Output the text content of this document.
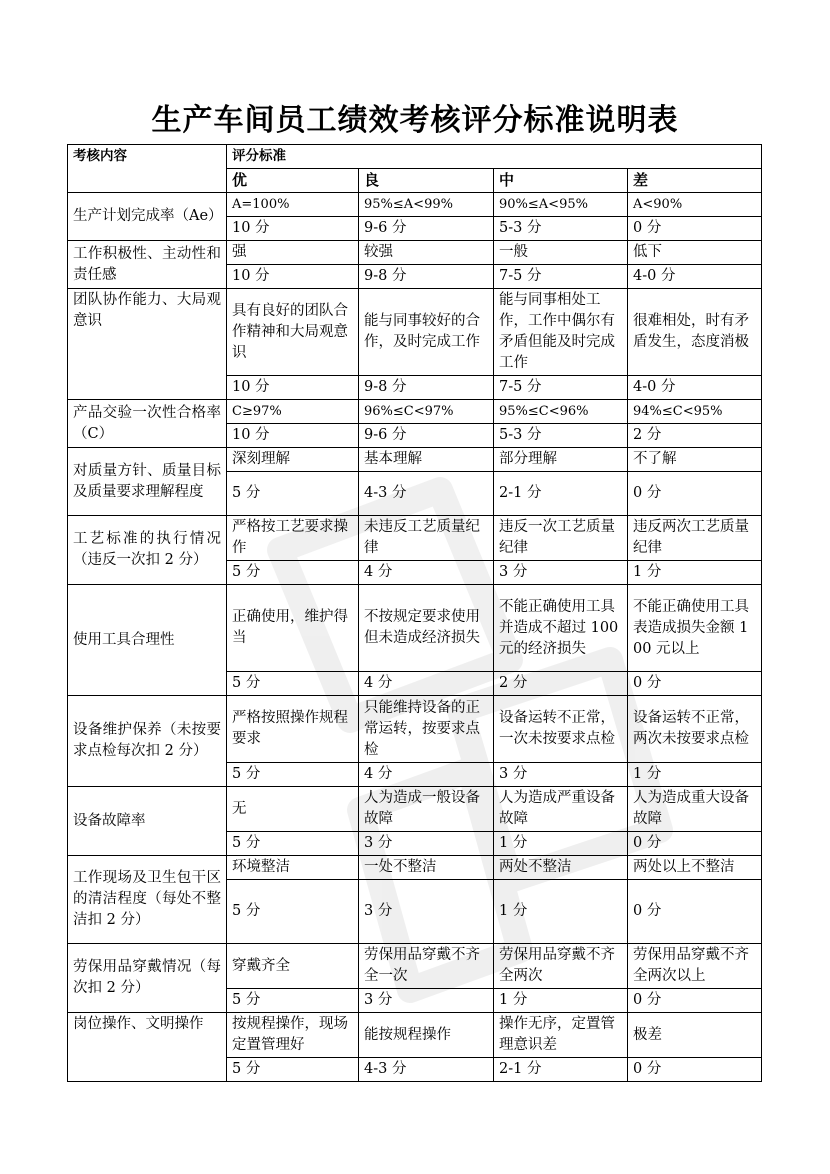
生产车间员工绩效考核评分标准说明表
考核内容	评分标准			
	优	良	中	差
生产计划完成率（Ae）	A=100%	95%≤A<99%	90%≤A<95%	A<90%
	10 分	9-6 分	5-3 分	0 分
工作积极性、主动性和责任感	强	较强	一般	低下
	10 分	9-8 分	7-5 分	4-0 分
团队协作能力、大局观意识	具有良好的团队合作精神和大局观意识	能与同事较好的合作，及时完成工作	能与同事相处工作，工作中偶尔有矛盾但能及时完成工作	很难相处，时有矛盾发生，态度消极
	10 分	9-8 分	7-5 分	4-0 分
产品交验一次性合格率（C）	C≥97%	96%≤C<97%	95%≤C<96%	94%≤C<95%
	10 分	9-6 分	5-3 分	2 分
对质量方针、质量目标及质量要求理解程度	深刻理解	基本理解	部分理解	不了解
	5 分	4-3 分	2-1 分	0 分
工艺标准的执行情况（违反一次扣 2 分）	严格按工艺要求操作	未违反工艺质量纪律	违反一次工艺质量纪律	违反两次工艺质量纪律
	5 分	4 分	3 分	1 分
使用工具合理性	正确使用，维护得当	不按规定要求使用但未造成经济损失	不能正确使用工具并造成不超过 100 元的经济损失	不能正确使用工具表造成损失金额 100 元以上
	5 分	4 分	2 分	0 分
设备维护保养（未按要求点检每次扣 2 分）	严格按照操作规程要求	只能维持设备的正常运转，按要求点检	设备运转不正常，一次未按要求点检	设备运转不正常，两次未按要求点检
	5 分	4 分	3 分	1 分
设备故障率	无	人为造成一般设备故障	人为造成严重设备故障	人为造成重大设备故障
	5 分	3 分	1 分	0 分
工作现场及卫生包干区的清洁程度（每处不整洁扣 2 分）	环境整洁	一处不整洁	两处不整洁	两处以上不整洁
	5 分	3 分	1 分	0 分
劳保用品穿戴情况（每次扣 2 分）	穿戴齐全	劳保用品穿戴不齐全一次	劳保用品穿戴不齐全两次	劳保用品穿戴不齐全两次以上
	5 分	3 分	1 分	0 分
岗位操作、文明操作	按规程操作，现场定置管理好	能按规程操作	操作无序，定置管理意识差	极差
	5 分	4-3 分	2-1 分	0 分
